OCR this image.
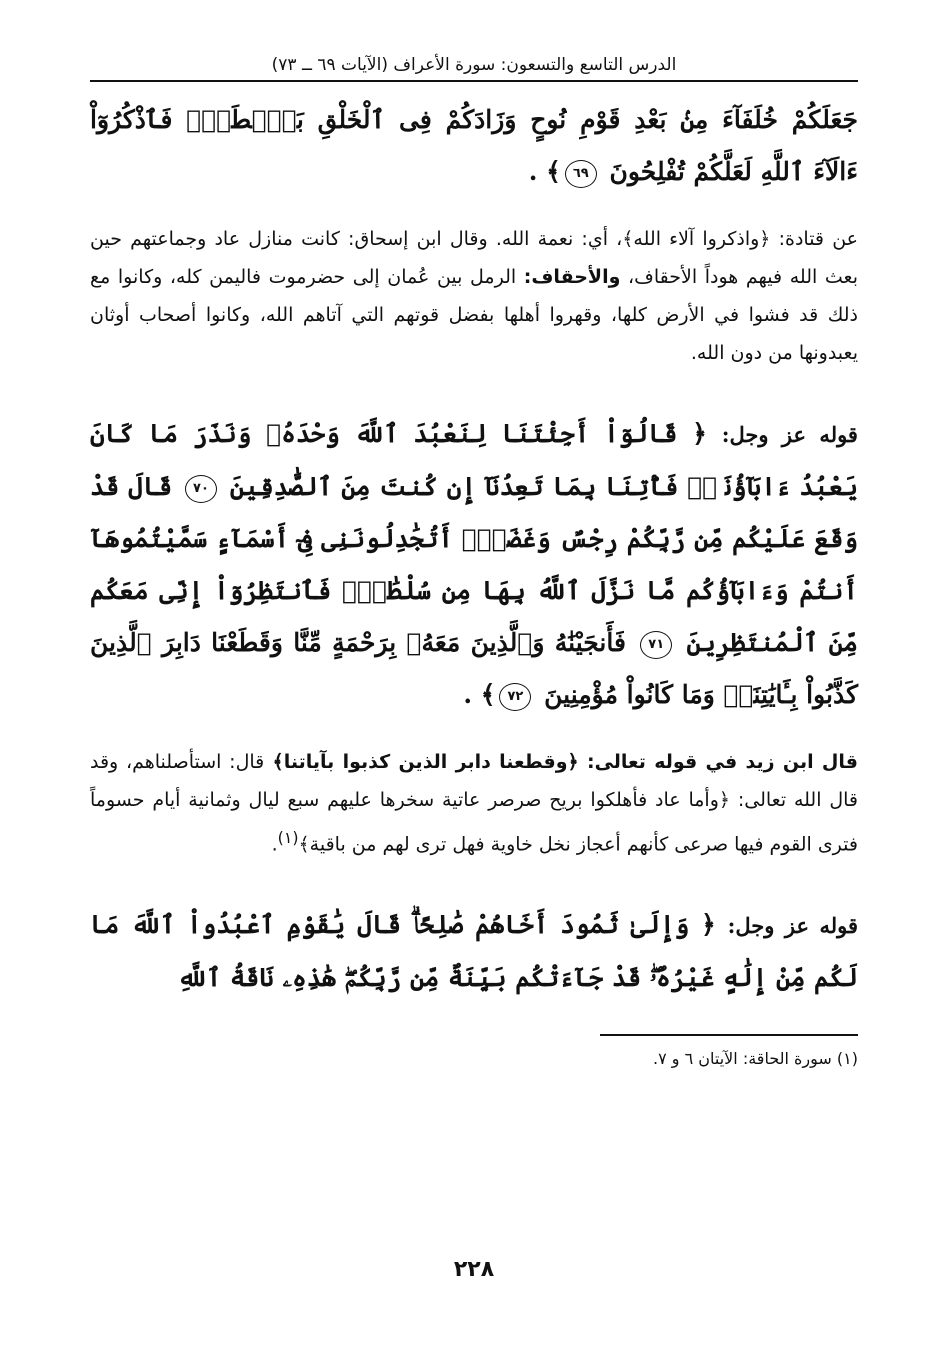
الدرس التاسع والتسعون: سورة الأعراف (الآيات ٦٩ ــ ٧٣)
جَعَلَكُمْ خُلَفَآءَ مِنۢ بَعْدِ قَوْمِ نُوحٍ وَزَادَكُمْ فِى ٱلْخَلْقِ بَصْۜطَةًۖ فَٱذْكُرُوٓاْ ءَالَآءَ ٱللَّهِ لَعَلَّكُمْ تُفْلِحُونَ ٦٩﴾ .

عن قتادة: ﴿واذكروا آلاء الله﴾، أي: نعمة الله. وقال ابن إسحاق: كانت منازل عاد وجماعتهم حين بعث الله فيهم هوداً الأحقاف، والأحقاف: الرمل بين عُمان إلى حضرموت فاليمن كله، وكانوا مع ذلك قد فشوا في الأرض كلها، وقهروا أهلها بفضل قوتهم التي آتاهم الله، وكانوا أصحاب أوثان يعبدونها من دون الله.

قوله عز وجل: ﴿ قَالُوٓاْ أَجِئْتَنَا لِنَعْبُدَ ٱللَّهَ وَحْدَهُۥ وَنَذَرَ مَا كَانَ يَعْبُدُ ءَابَآؤُنَاۖ فَأْتِنَا بِمَا تَعِدُنَآ إِن كُنتَ مِنَ ٱلصَّٰدِقِينَ ٧٠ قَالَ قَدْ وَقَعَ عَلَيْكُم مِّن رَّبِّكُمْ رِجْسٌ وَغَضَبٌۖ أَتُجَٰدِلُونَنِى فِىٓ أَسْمَآءٍ سَمَّيْتُمُوهَآ أَنتُمْ وَءَابَآؤُكُم مَّا نَزَّلَ ٱللَّهُ بِهَا مِن سُلْطَٰنٍۚ فَٱنتَظِرُوٓاْ إِنِّى مَعَكُم مِّنَ ٱلْمُنتَظِرِينَ ٧١ فَأَنجَيْنَٰهُ وَٱلَّذِينَ مَعَهُۥ بِرَحْمَةٍ مِّنَّا وَقَطَعْنَا دَابِرَ ٱلَّذِينَ كَذَّبُواْ بِـَٔايَٰتِنَاۖ وَمَا كَانُواْ مُؤْمِنِينَ ٧٢﴾ .

قال ابن زيد في قوله تعالى: ﴿وقطعنا دابر الذين كذبوا بآياتنا﴾ قال: استأصلناهم، وقد قال الله تعالى: ﴿وأما عاد فأهلكوا بريح صرصر عاتية سخرها عليهم سبع ليال وثمانية أيام حسوماً فترى القوم فيها صرعى كأنهم أعجاز نخل خاوية فهل ترى لهم من باقية﴾$^{(١)}$.

قوله عز وجل: ﴿ وَإِلَىٰ ثَمُودَ أَخَاهُمْ صَٰلِحًاۗ قَالَ يَٰقَوْمِ ٱعْبُدُواْ ٱللَّهَ مَا لَكُم مِّنْ إِلَٰهٍ غَيْرُهُۥۖ قَدْ جَآءَتْكُم بَيِّنَةٌ مِّن رَّبِّكُمْۖ هَٰذِهِۦ نَاقَةُ ٱللَّهِ
(١) سورة الحاقة: الآيتان ٦ و ٧.
٢٢٨
